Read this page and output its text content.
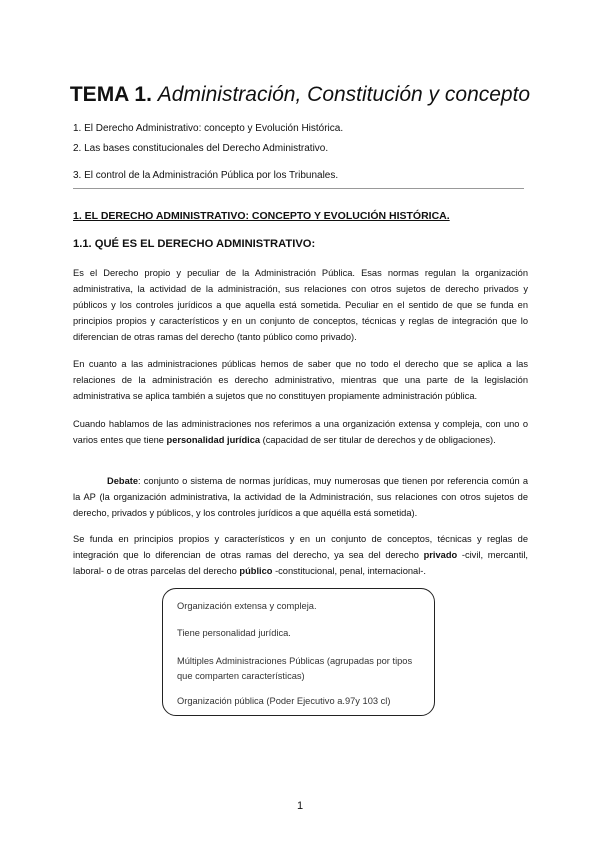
TEMA 1. Administración, Constitución y concepto
1. El Derecho Administrativo: concepto y Evolución Histórica.
2. Las bases constitucionales del Derecho Administrativo.
3. El control de la Administración Pública por los Tribunales.
1. EL DERECHO ADMINISTRATIVO: CONCEPTO Y EVOLUCIÓN HISTÓRICA.
1.1. QUÉ ES EL DERECHO ADMINISTRATIVO:
Es el Derecho propio y peculiar de la Administración Pública. Esas normas regulan la organización administrativa, la actividad de la administración, sus relaciones con otros sujetos de derecho privados y públicos y los controles jurídicos a que aquella está sometida. Peculiar en el sentido de que se funda en principios propios y característicos y en un conjunto de conceptos, técnicas y reglas de integración que lo diferencian de otras ramas del derecho (tanto público como privado).
En cuanto a las administraciones públicas hemos de saber que no todo el derecho que se aplica a las relaciones de la administración es derecho administrativo, mientras que una parte de la legislación administrativa se aplica también a sujetos que no constituyen propiamente administración pública.
Cuando hablamos de las administraciones nos referimos a una organización extensa y compleja, con uno o varios entes que tiene personalidad jurídica (capacidad de ser titular de derechos y de obligaciones).
Debate: conjunto o sistema de normas jurídicas, muy numerosas que tienen por referencia común a la AP (la organización administrativa, la actividad de la Administración, sus relaciones con otros sujetos de derecho, privados y públicos, y los controles jurídicos a que aquélla está sometida).
Se funda en principios propios y característicos y en un conjunto de conceptos, técnicas y reglas de integración que lo diferencian de otras ramas del derecho, ya sea del derecho privado -civil, mercantil, laboral- o de otras parcelas del derecho público -constitucional, penal, internacional-.
Organización extensa y compleja.
Tiene personalidad jurídica.
Múltiples Administraciones Públicas (agrupadas por tipos que comparten características)
Organización pública (Poder Ejecutivo a.97y 103 cl)
1
